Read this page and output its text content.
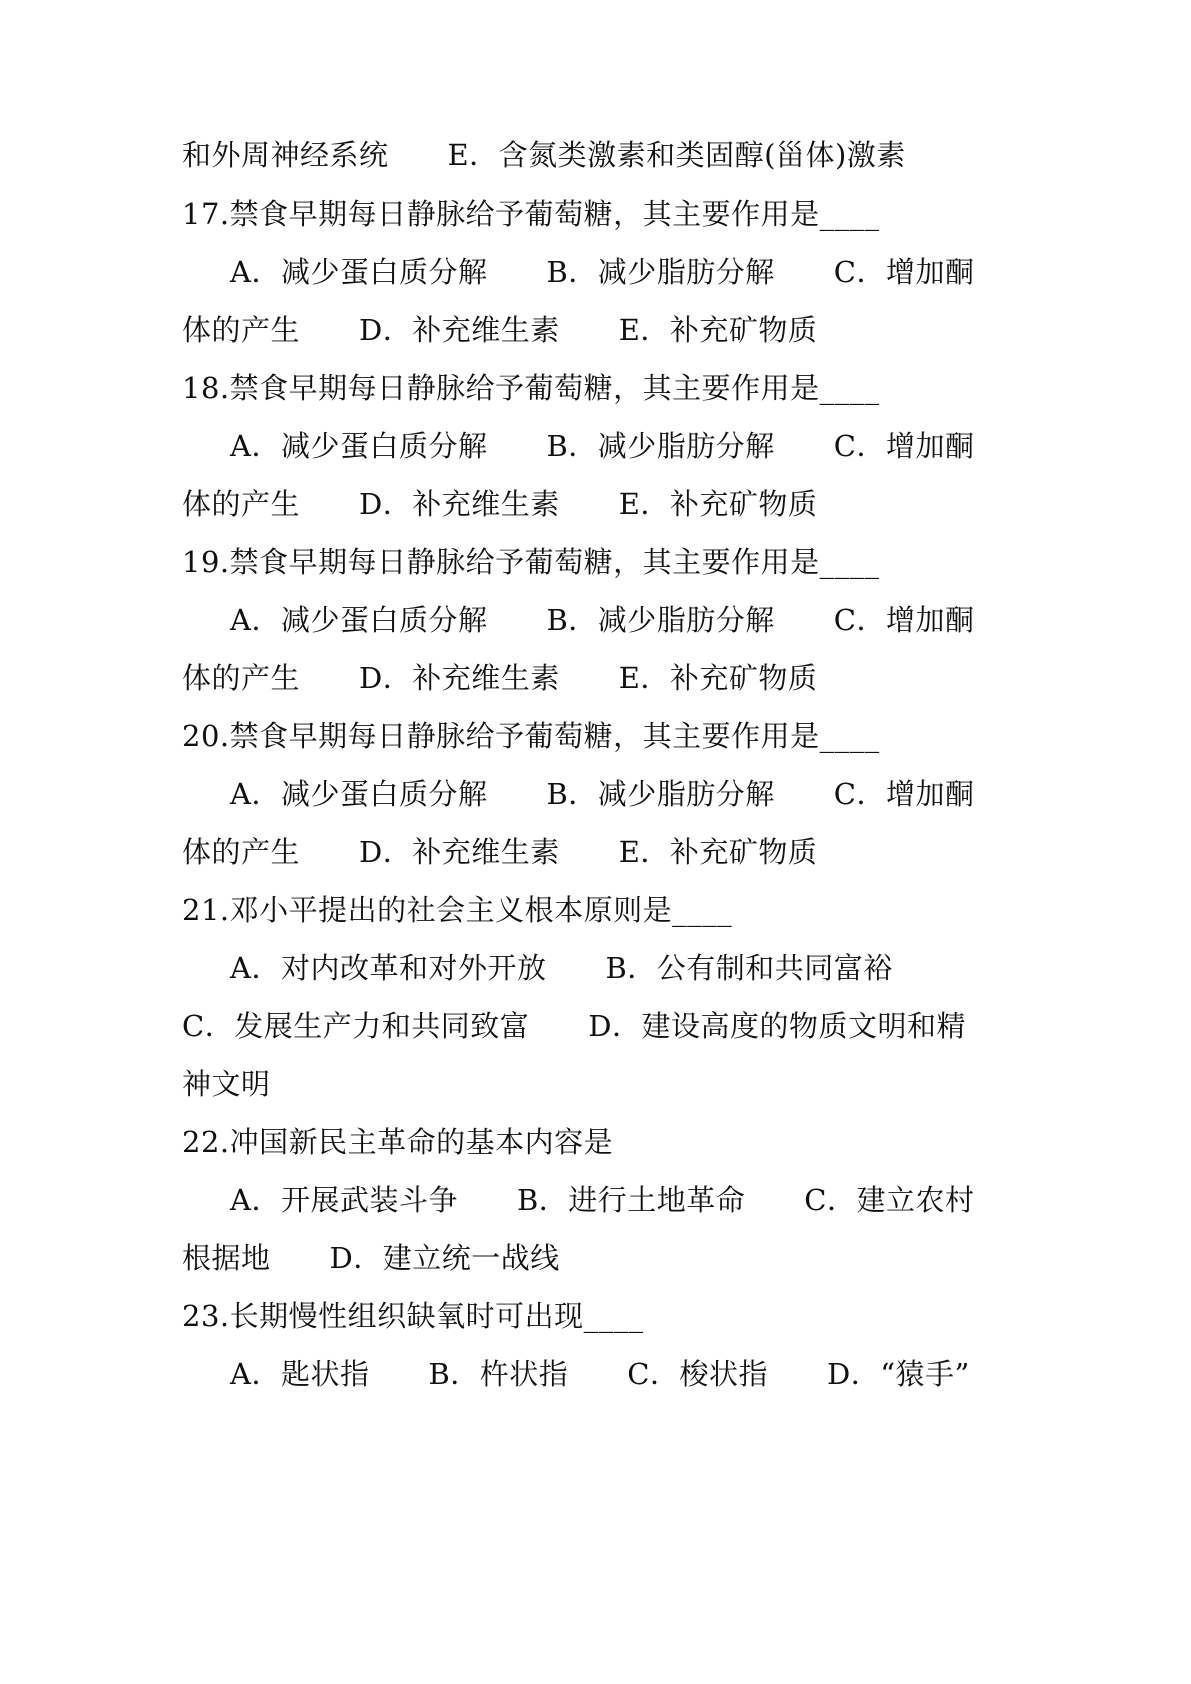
和外周神经系统　　E．含氮类激素和类固醇(甾体)激素
17.禁食早期每日静脉给予葡萄糖，其主要作用是____
A．减少蛋白质分解　　B．减少脂肪分解　　C．增加酮
体的产生　　D．补充维生素　　E．补充矿物质
18.禁食早期每日静脉给予葡萄糖，其主要作用是____
A．减少蛋白质分解　　B．减少脂肪分解　　C．增加酮
体的产生　　D．补充维生素　　E．补充矿物质
19.禁食早期每日静脉给予葡萄糖，其主要作用是____
A．减少蛋白质分解　　B．减少脂肪分解　　C．增加酮
体的产生　　D．补充维生素　　E．补充矿物质
20.禁食早期每日静脉给予葡萄糖，其主要作用是____
A．减少蛋白质分解　　B．减少脂肪分解　　C．增加酮
体的产生　　D．补充维生素　　E．补充矿物质
21.邓小平提出的社会主义根本原则是____
A．对内改革和对外开放　　B．公有制和共同富裕
C．发展生产力和共同致富　　D．建设高度的物质文明和精
神文明
22.冲国新民主革命的基本内容是
A．开展武装斗争　　B．进行土地革命　　C．建立农村
根据地　　D．建立统一战线
23.长期慢性组织缺氧时可出现____
A．匙状指　　B．杵状指　　C．梭状指　　D．“猿手”
